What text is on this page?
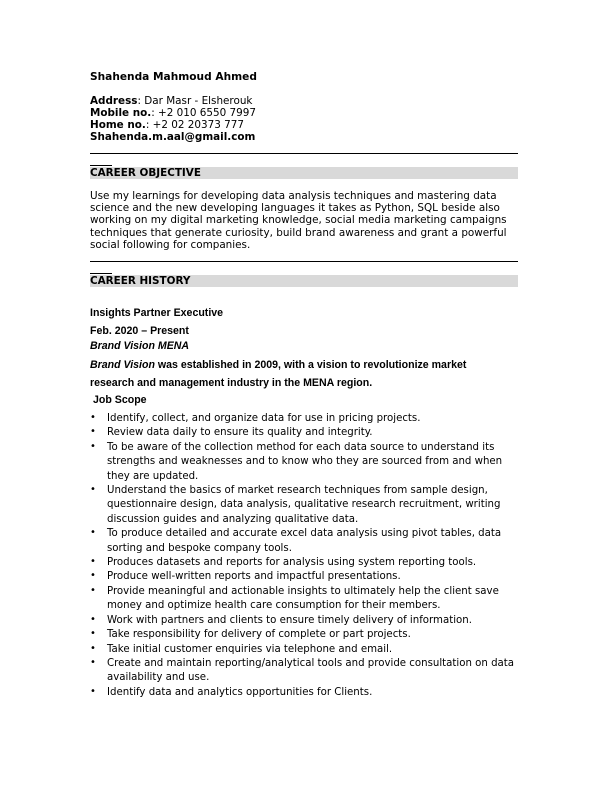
Shahenda Mahmoud Ahmed
Address: Dar Masr - Elsherouk
Mobile no.: +2 010 6550 7997
Home no.: +2 02 20373 777
Shahenda.m.aal@gmail.com
CAREER OBJECTIVE
Use my learnings for developing data analysis techniques and mastering data science and the new developing languages it takes as Python, SQL beside also working on my digital marketing knowledge, social media marketing campaigns techniques that generate curiosity, build brand awareness and grant a powerful social following for companies.
CAREER HISTORY
Insights Partner Executive
Feb. 2020 – Present
Brand Vision MENA
Brand Vision was established in 2009, with a vision to revolutionize market
research and management industry in the MENA region.
Job Scope
• Identify, collect, and organize data for use in pricing projects.
• Review data daily to ensure its quality and integrity.
• To be aware of the collection method for each data source to understand its strengths and weaknesses and to know who they are sourced from and when they are updated.
• Understand the basics of market research techniques from sample design, questionnaire design, data analysis, qualitative research recruitment, writing discussion guides and analyzing qualitative data.
• To produce detailed and accurate excel data analysis using pivot tables, data sorting and bespoke company tools.
• Produces datasets and reports for analysis using system reporting tools.
• Produce well-written reports and impactful presentations.
• Provide meaningful and actionable insights to ultimately help the client save money and optimize health care consumption for their members.
• Work with partners and clients to ensure timely delivery of information.
• Take responsibility for delivery of complete or part projects.
• Take initial customer enquiries via telephone and email.
• Create and maintain reporting/analytical tools and provide consultation on data availability and use.
• Identify data and analytics opportunities for Clients.
